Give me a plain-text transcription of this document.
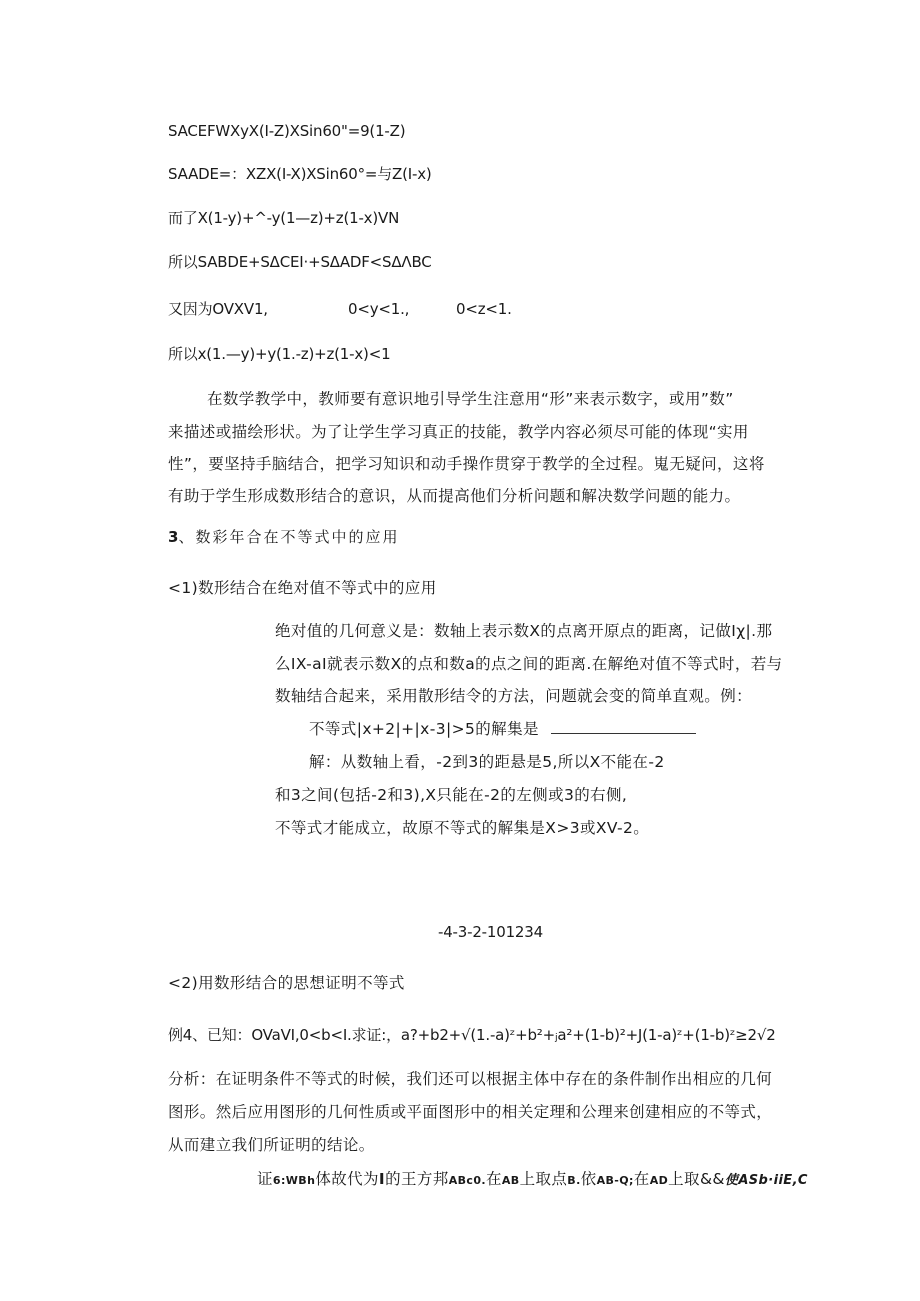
SACEFWXyX(I-Z)XSin60"=9(1-Z)
SAADE=：XZX(I-X)XSin60°=与Z(I-x)
而了X(1-y)+^-y(1—z)+z(1-x)VN
所以SABDE+SΔCEI·+SΔADF<SΔΛBC
又因为OVXV1,	0<y<1.,	0<z<1.
所以x(1.—y)+y(1.-z)+z(1-x)<1
在数学教学中，教师要有意识地引导学生注意用“形”来表示数字，或用”数”
来描述或描绘形状。为了让学生学习真正的技能，教学内容必须尽可能的体现“实用
性”，要坚持手脑结合，把学习知识和动手操作贯穿于教学的全过程。嵬无疑问，这将
有助于学生形成数形结合的意识，从而提高他们分析问题和解决数学问题的能力。
3、数彩年合在不等式中的应用
<1)数形结合在绝对值不等式中的应用
绝对值的几何意义是：数轴上表示数X的点离开原点的距离，记做Iχ|.那
么IX-aI就表示数X的点和数a的点之间的距离.在解绝对值不等式时，若与
数轴结合起来，采用散形结令的方法，问题就会变的简单直观。例：
不等式|x+2|+|x-3|>5的解集是
解：从数轴上看，-2到3的距悬是5,所以X不能在-2
和3之间(包括-2和3),X只能在-2的左侧或3的右侧,
不等式才能成立，故原不等式的解集是X>3或XV-2。
-4-3-2-101234
<2)用数形结合的思想证明不等式
例4、已知：OVaVI,0<b<I.求证:，a?+b2+√(1.-a)ᶻ+b²+ⱼa²+(1-b)²+J(1-a)ᶻ+(1-b)ᶻ≥2√2
分析：在证明条件不等式的时候，我们还可以根据主体中存在的条件制作出相应的几何
图形。然后应用图形的几何性质或平面图形中的相关定理和公理来创建相应的不等式，
从而建立我们所证明的结论。
证6:WBh体故代为I的王方邦ABc0.在AB上取点B.依AB-Q;在AD上取&&使ASb·iiE,C
